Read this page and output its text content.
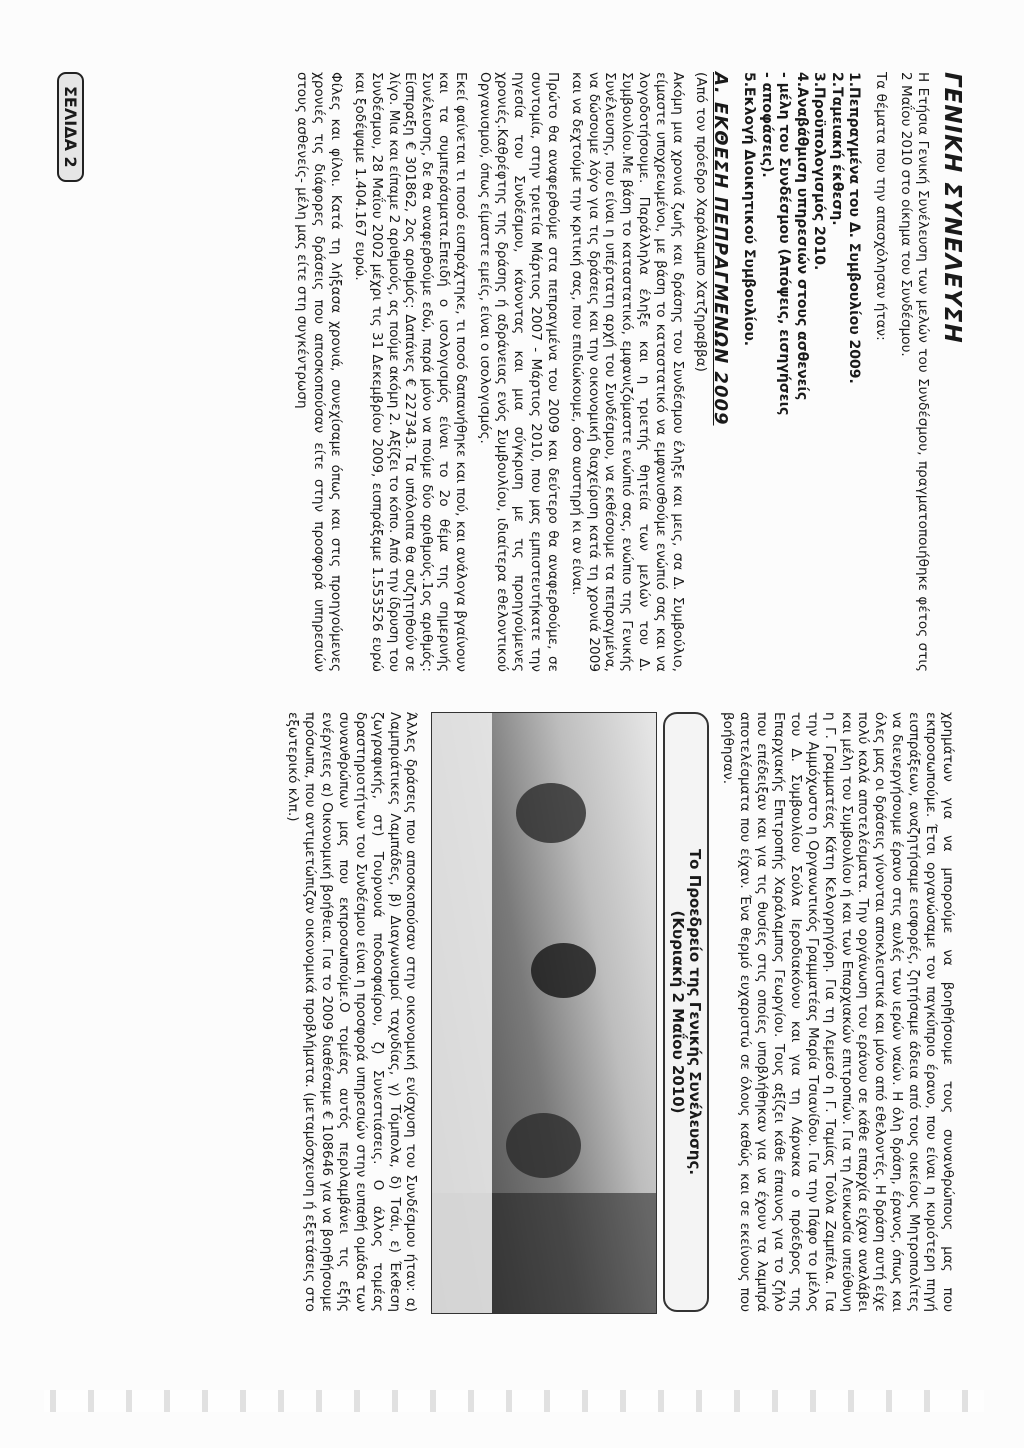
ΓΕΝΙΚΗ ΣΥΝΕΛΕΥΣΗ

Η Ετήσια Γενική Συνέλευση των μελών του Συνδέσμου, πραγματοποιήθηκε φέτος στις 2 Μαΐου 2010 στο οίκημα του Συνδέσμου.

Τα θέματα που την απασχόλησαν ήταν:

1.Πεπραγμένα του Δ. Συμβουλίου 2009.
2.Ταμειακή έκθεση.
3.Προϋπολογισμός 2010.
4.Αναβάθμιση υπηρεσιών στους ασθενείς
- μέλη του Συνδέσμου (Απόψεις, εισηγήσεις
- αποφάσεις).
5.Εκλογή Διοικητικού Συμβουλίου.
Α. ΕΚΘΕΣΗ ΠΕΠΡΑΓΜΕΝΩΝ 2009
(Από τον πρόεδρο Χαράλαμπο Χατζηραββα)

Ακόμη μια χρονιά ζωής και δράσης του Συνδέσμου έληξε και μεις, σα Δ. Συμβούλιο, είμαστε υποχρεωμένοι, με βάση το καταστατικό να εμφανισθούμε ενώπιό σας και να λογοδοτήσουμε. Παράλληλα έληξε και η τριετής θητεία των μελών του Δ. Συμβουλίου.Με βάση το καταστατικό, εμφανιζόμαστε ενώπιό σας, ενώπιο της Γενικής Συνέλευσης, που είναι η υπέρτατη αρχή του Συνδέσμου, να εκθέσουμε τα πεπραγμένα, να δώσουμε λόγο για τις δράσεις και την οικονομική διαχείριση κατά τη χρονιά 2009 και να δεχτούμε την κριτική σας, που επιδιώκουμε, όσο αυστηρή κι αν είναι.

Πρώτο θα αναφερθούμε στα πεπραγμένα του 2009 και δεύτερο θα αναφερθούμε, σε συντομία, στην τριετία Μάρτιος 2007 - Μάρτιος 2010, που μας εμπιστευτήκατε την ηγεσία του Συνδέσμου, κάνοντας και μια σύγκριση με τις προηγούμενες χρονιές.Καθρέφτης της δράσης ή αδράνειας ενός Συμβουλίου, ιδιαίτερα εθελοντικού Οργανισμού, όπως είμαστε εμείς, είναι ο ισολογισμός.

Εκεί φαίνεται τι ποσό εισπράχτηκε, τι ποσό δαπανήθηκε και πού, και ανάλογα βγαίνουν και τα συμπεράσματα.Επειδή ο ισολογισμός είναι το 2ο θέμα της σημερινής Συνέλευσης, δε θα αναφερθούμε εδώ, παρά μόνο να πούμε δύο αριθμούς.1ος αριθμός: Είσπραξη € 301862, 2ος αριθμός: Δαπάνες € 227343. Τα υπόλοιπα θα συζητηθούν σε λίγο. Μια και είπαμε 2 αριθμούς, ας πούμε ακόμη 2. Αξίζει το κόπο. Από την ίδρυση του Συνδέσμου, 28 Μαΐου 2002 μέχρι τις 31 Δεκεμβρίου 2009, εισπράξαμε 1.553526 ευρώ και ξοδέψαμε 1.404.167 ευρώ.

Φίλες και φίλοι. Κατά τη λήξασα χρονιά, συνεχίσαμε όπως και στις προηγούμενες χρονιές τις διάφορες δράσεις που αποσκοπούσαν είτε στην προσφορά υπηρεσιών στους ασθενείς- μέλη μας είτε στη συγκέντρωση

ΣΕΛΙΔΑ 2

χρημάτων για να μπορούμε να βοηθήσουμε τους συνανθρώπους μας που εκπροσωπούμε. Έτσι οργανώσαμε τον παγκύπριο έρανο, που είναι η κυριότερη πηγή εισπράξεων, αναζητήσαμε εισφορές, ζητήσαμε άδεια από τους οικείους Μητροπολίτες να διενεργήσουμε έρανο στις αυλές των ιερών ναών. Η όλη δράση, έρανος, όπως και όλες μας οι δράσεις γίνονται αποκλειστικά και μόνο από εθελοντές. Η δράση αυτή είχε πολύ καλά αποτελέσματα. Την οργάνωση του εράνου σε κάθε επαρχία είχαν αναλάβει και μέλη του Συμβουλίου ή και των Επαρχιακών επιτροπών. Για τη Λευκωσία υπεύθυνη η Γ. Γραμματέας Κάτη Κελογρηγόρη. Για τη Λεμεσό η Γ. Ταμίας Τούλα Ζαμπέλα. Για την Αμμόχωστο η Οργανωτικός Γραμματέας Μαρία Τσιανίδου. Για την Πάφο το μέλος του Δ. Συμβουλίου Σούλα Ιεροδιακόνου και για τη Λάρνακα ο πρόεδρος της Επαρχιακής Επιτροπής Χαράλαμπος Γεωργίου. Τους αξίζει κάθε έπαινος για το ζήλο που επέδειξαν και για τις θυσίες στις οποίες υποβλήθηκαν για να έχουν τα λαμπρά αποτελέσματα που είχαν. Ένα θερμό ευχαριστώ σε όλους καθώς και σε εκείνους που βοήθησαν.

Το Προεδρείο της Γενικής Συνέλευσης.
(Κυριακή 2 Μαΐου 2010)

Άλλες δράσεις που αποσκοπούσαν στην οικονομική ενίσχυση του Συνδέσμου ήταν: α) Λαμπριάτικες Λαμπάδες, β) Διαγωνισμοί ταχυδίας, γ) Τόμπολα, δ) Τσάι, ε) Έκθεση ζωγραφικής, στ) Τουρνουά ποδοσφαίρου, ζ) Συνεστιάσεις. Ο άλλος τομέας δραστηριοτήτων του Συνδέσμου είναι η προσφορά υπηρεσιών στην ευπαθή ομάδα των συνανθρώπων μας που εκπροσωπούμε.Ο τομέας αυτός περιλαμβάνει τις εξής ενέργειες α) Οικονομική βοήθεια. Για το 2009 διαθέσαμε € 108646 για να βοηθήσουμε πρόσωπα, που αντιμετώπιζαν οικονομικά προβλήματα. (μεταμόσχευση ή εξετάσεις στο εξωτερικό κλπ.)
